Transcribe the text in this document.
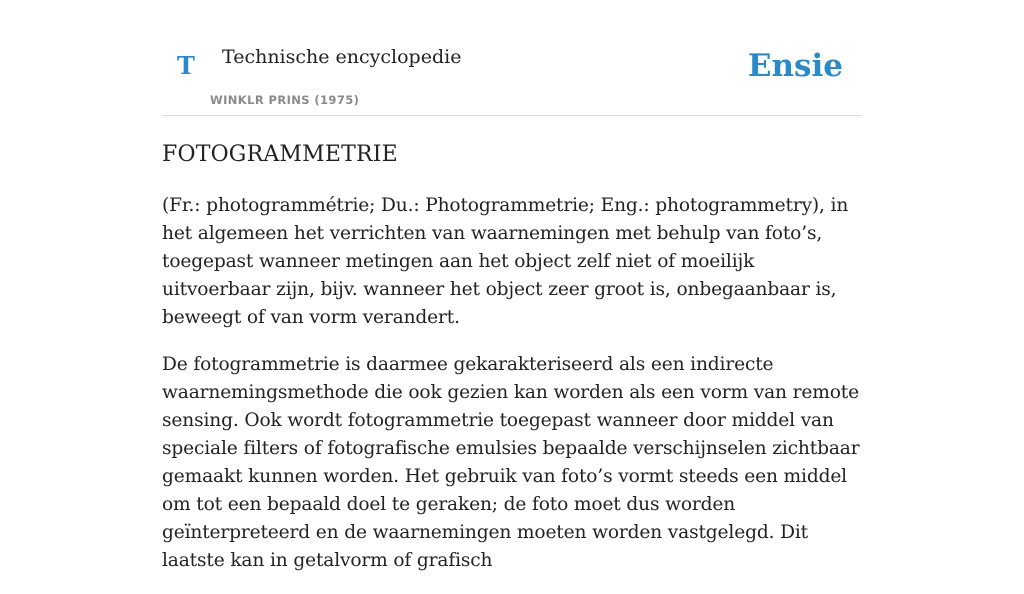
T Technische encyclopedie
WINKLR PRINS (1975)
Ensie
FOTOGRAMMETRIE

(Fr.: photogrammétrie; Du.: Photogrammetrie; Eng.: photogrammetry), in het algemeen het verrichten van waarnemingen met behulp van foto’s, toegepast wanneer metingen aan het object zelf niet of moeilijk uitvoerbaar zijn, bijv. wanneer het object zeer groot is, onbegaanbaar is, beweegt of van vorm verandert.

De fotogrammetrie is daarmee gekarakteriseerd als een indirecte waarnemingsmethode die ook gezien kan worden als een vorm van remote sensing. Ook wordt fotogrammetrie toegepast wanneer door middel van speciale filters of fotografische emulsies bepaalde verschijnselen zichtbaar gemaakt kunnen worden. Het gebruik van foto’s vormt steeds een middel om tot een bepaald doel te geraken; de foto moet dus worden geïnterpreteerd en de waarnemingen moeten worden vastgelegd. Dit laatste kan in getalvorm of grafisch
